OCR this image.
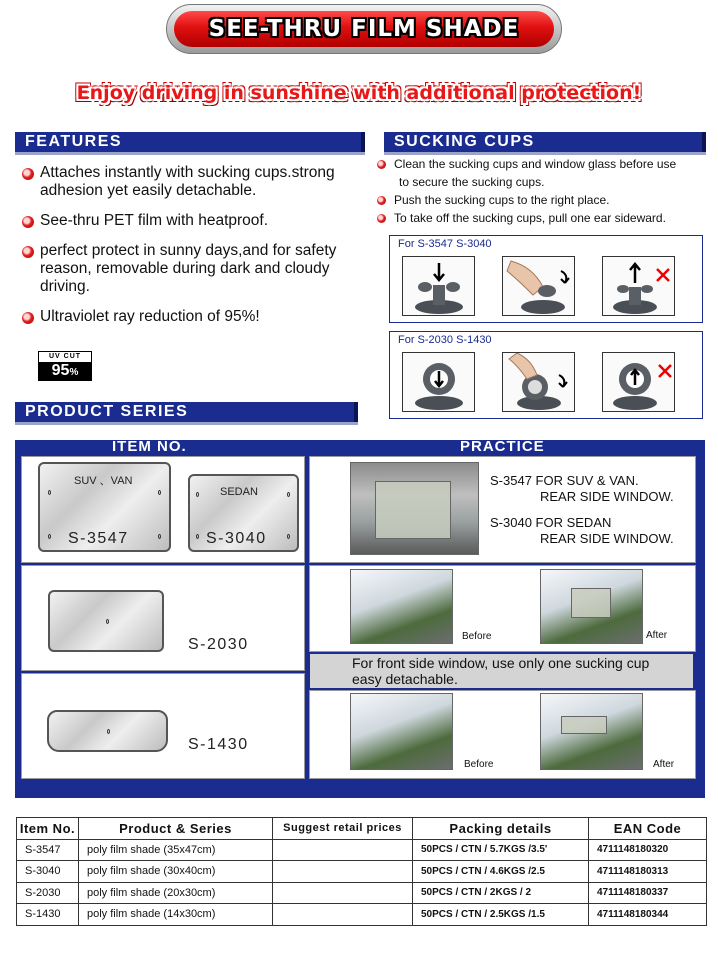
SEE-THRU FILM SHADE
Enjoy driving in sunshine with additional protection!
FEATURES
Attaches instantly with sucking cups.strong adhesion yet easily detachable.
See-thru PET film with heatproof.
perfect protect in sunny days,and for safety reason, removable during dark and cloudy driving.
Ultraviolet ray reduction of 95%!
UV CUT
95%
PRODUCT SERIES
SUCKING CUPS
Clean the sucking cups and window glass before use
to secure the sucking cups.
Push the sucking cups to the right place.
To take off the sucking cups, pull one ear sideward.
For S-3547 S-3040
For S-2030 S-1430
ITEM NO.	PRACTICE
SUV 、VAN
S-3547
SEDAN
S-3040
S-2030
S-1430
S-3547 FOR SUV & VAN.
REAR SIDE WINDOW.
S-3040 FOR SEDAN
REAR SIDE WINDOW.
Before	After
For front side window, use only one sucking cup
easy detachable.
Before	After
Item No.	Product & Series	Suggest retail prices	Packing details	EAN Code
S-3547	poly film shade (35x47cm)		50PCS / CTN / 5.7KGS /3.5'	4711148180320
S-3040	poly film shade (30x40cm)		50PCS / CTN / 4.6KGS /2.5	4711148180313
S-2030	poly film shade (20x30cm)		50PCS / CTN / 2KGS / 2	4711148180337
S-1430	poly film shade (14x30cm)		50PCS / CTN / 2.5KGS /1.5	4711148180344
